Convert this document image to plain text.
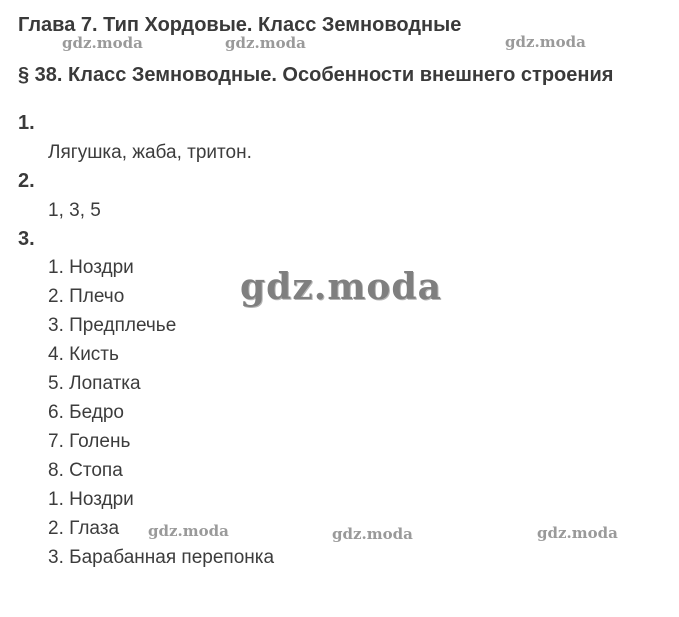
Глава 7. Тип Хордовые. Класс Земноводные
§ 38. Класс Земноводные. Особенности внешнего строения
1.
Лягушка, жаба, тритон.
2.
1, 3, 5
3.
1. Ноздри
2. Плечо
3. Предплечье
4. Кисть
5. Лопатка
6. Бедро
7. Голень
8. Стопа
1. Ноздри
2. Глаза
3. Барабанная перепонка
gdz.moda	gdz.moda	gdz.moda
gdz.moda
gdz.moda	gdz.moda	gdz.moda
